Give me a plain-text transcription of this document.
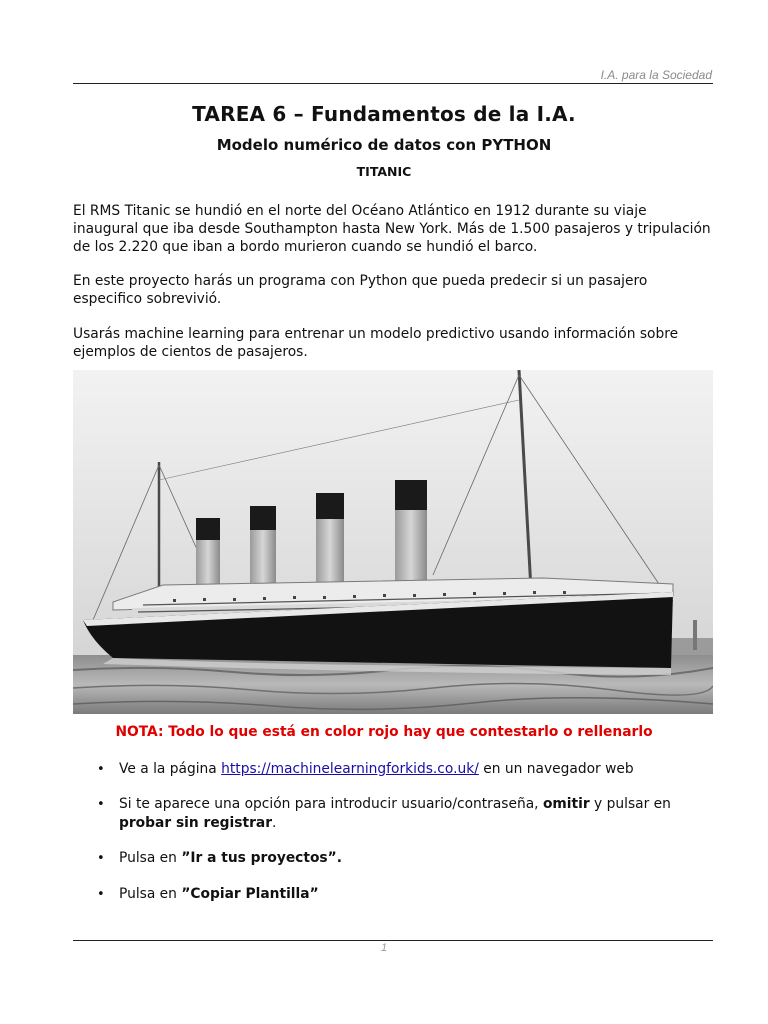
I.A. para la Sociedad
TAREA 6 – Fundamentos de la I.A.
Modelo numérico de datos con PYTHON
TITANIC
El RMS Titanic se hundió en el norte del Océano Atlántico en 1912 durante su viaje inaugural que iba desde Southampton hasta New York. Más de 1.500 pasajeros y tripulación de los 2.220 que iban a bordo murieron cuando se hundió el barco.
En este proyecto harás un programa con Python que pueda predecir si un pasajero especifico sobrevivió.
Usarás machine learning para entrenar un modelo predictivo usando información sobre ejemplos de cientos de pasajeros.
NOTA: Todo lo que está en color rojo hay que contestarlo o rellenarlo
• Ve a la página https://machinelearningforkids.co.uk/ en un navegador web
• Si te aparece una opción para introducir usuario/contraseña, omitir y pulsar en probar sin registrar.
• Pulsa en ”Ir a tus proyectos”.
• Pulsa en ”Copiar Plantilla”
1
